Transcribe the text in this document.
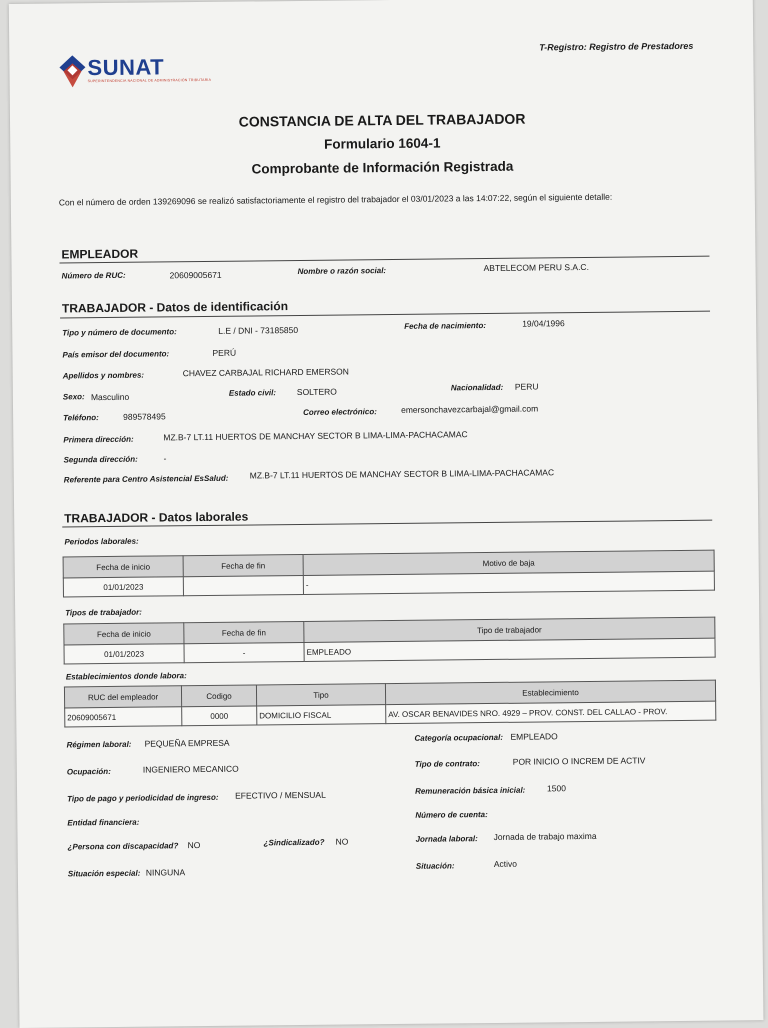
SUNAT
SUPERINTENDENCIA NACIONAL DE ADMINISTRACIÓN TRIBUTARIA
T-Registro: Registro de Prestadores
CONSTANCIA DE ALTA DEL TRABAJADOR
Formulario 1604-1
Comprobante de Información Registrada
Con el número de orden 139269096 se realizó satisfactoriamente el registro del trabajador el 03/01/2023 a las 14:07:22, según el siguiente detalle:
EMPLEADOR
Número de RUC:	20609005671	Nombre o razón social:	ABTELECOM PERU S.A.C.
TRABAJADOR - Datos de identificación
Tipo y número de documento:	L.E / DNI - 73185850	Fecha de nacimiento:	19/04/1996
País emisor del documento:	PERÚ
Apellidos y nombres:	CHAVEZ CARBAJAL RICHARD EMERSON
Sexo: Masculino	Estado civil: SOLTERO	Nacionalidad: PERU
Teléfono:	989578495	Correo electrónico:	emersonchavezcarbajal@gmail.com
Primera dirección:	MZ.B-7 LT.11 HUERTOS DE MANCHAY SECTOR B LIMA-LIMA-PACHACAMAC
Segunda dirección:	-
Referente para Centro Asistencial EsSalud: MZ.B-7 LT.11 HUERTOS DE MANCHAY SECTOR B LIMA-LIMA-PACHACAMAC
TRABAJADOR - Datos laborales
Periodos laborales:
Fecha de inicio	Fecha de fin	Motivo de baja
01/01/2023		-
Tipos de trabajador:
Fecha de inicio	Fecha de fin	Tipo de trabajador
01/01/2023	-	EMPLEADO
Establecimientos donde labora:
RUC del empleador	Codigo	Tipo	Establecimiento
20609005671	0000	DOMICILIO FISCAL	AV. OSCAR BENAVIDES NRO. 4929 – PROV. CONST. DEL CALLAO - PROV.
Régimen laboral: PEQUEÑA EMPRESA	Categoría ocupacional: EMPLEADO
Ocupación:	INGENIERO MECANICO	Tipo de contrato:	POR INICIO O INCREM DE ACTIV
Tipo de pago y periodicidad de ingreso: EFECTIVO / MENSUAL	Remuneración básica inicial:	1500
Entidad financiera:
Número de cuenta:
¿Persona con discapacidad? NO	¿Sindicalizado? NO	Jornada laboral: Jornada de trabajo maxima
Situación especial: NINGUNA
Situación:	Activo
